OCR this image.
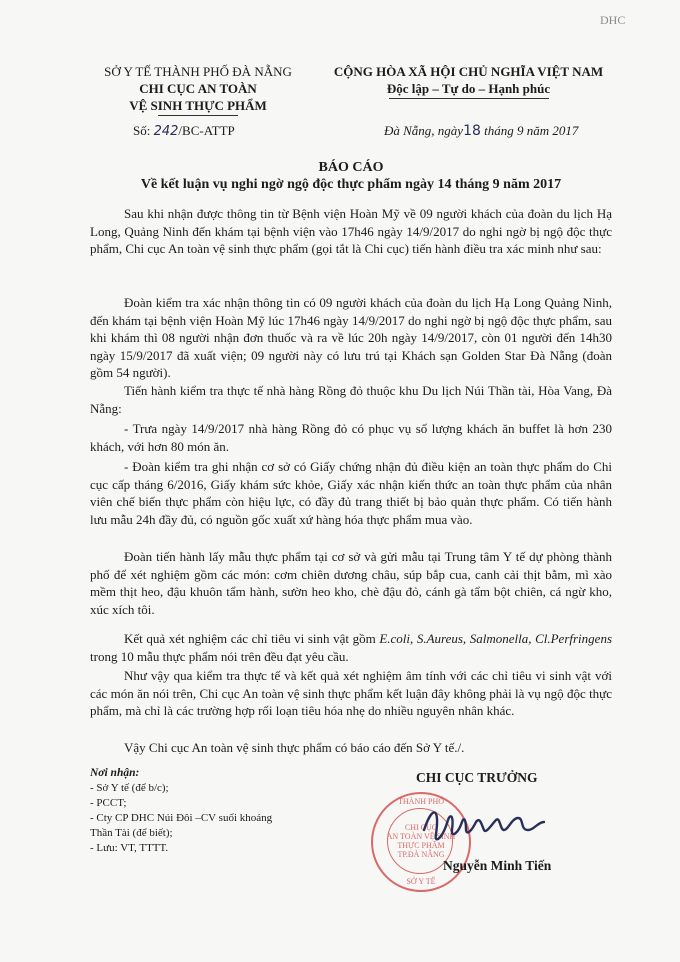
DHC
SỞ Y TẾ THÀNH PHỐ ĐÀ NẴNG
CHI CỤC AN TOÀN
VỆ SINH THỰC PHẨM
CỘNG HÒA XÃ HỘI CHỦ NGHĨA VIỆT NAM
Độc lập – Tự do – Hạnh phúc
Số: 242/BC-ATTP	Đà Nẵng, ngày18 tháng 9 năm 2017
BÁO CÁO
Về kết luận vụ nghi ngờ ngộ độc thực phẩm ngày 14 tháng 9 năm 2017
Sau khi nhận được thông tin từ Bệnh viện Hoàn Mỹ về 09 người khách của đoàn du lịch Hạ Long, Quảng Ninh đến khám tại bệnh viện vào 17h46 ngày 14/9/2017 do nghi ngờ bị ngộ độc thực phẩm, Chi cục An toàn vệ sinh thực phẩm (gọi tắt là Chi cục) tiến hành điều tra xác minh như sau:
Đoàn kiểm tra xác nhận thông tin có 09 người khách của đoàn du lịch Hạ Long Quảng Ninh, đến khám tại bệnh viện Hoàn Mỹ lúc 17h46 ngày 14/9/2017 do nghi ngờ bị ngộ độc thực phẩm, sau khi khám thì 08 người nhận đơn thuốc và ra về lúc 20h ngày 14/9/2017, còn 01 người đến 14h30 ngày 15/9/2017 đã xuất viện; 09 người này có lưu trú tại Khách sạn Golden Star Đà Nẵng (đoàn gồm 54 người).
Tiến hành kiểm tra thực tế nhà hàng Rồng đỏ thuộc khu Du lịch Núi Thần tài, Hòa Vang, Đà Nẵng:
- Trưa ngày 14/9/2017 nhà hàng Rồng đỏ có phục vụ số lượng khách ăn buffet là hơn 230 khách, với hơn 80 món ăn.
- Đoàn kiểm tra ghi nhận cơ sở có Giấy chứng nhận đủ điều kiện an toàn thực phẩm do Chi cục cấp tháng 6/2016, Giấy khám sức khỏe, Giấy xác nhận kiến thức an toàn thực phẩm của nhân viên chế biến thực phẩm còn hiệu lực, có đầy đủ trang thiết bị bảo quản thực phẩm. Có tiến hành lưu mẫu 24h đầy đủ, có nguồn gốc xuất xứ hàng hóa thực phẩm mua vào.
Đoàn tiến hành lấy mẫu thực phẩm tại cơ sở và gửi mẫu tại Trung tâm Y tế dự phòng thành phố để xét nghiệm gồm các món: cơm chiên dương châu, súp bắp cua, canh cải thịt bằm, mì xào mềm thịt heo, đậu khuôn tẩm hành, sườn heo kho, chè đậu đỏ, cánh gà tẩm bột chiên, cá ngừ kho, xúc xích tôi.
Kết quả xét nghiệm các chỉ tiêu vi sinh vật gồm E.coli, S.Aureus, Salmonella, Cl.Perfringens trong 10 mẫu thực phẩm nói trên đều đạt yêu cầu.
Như vậy qua kiểm tra thực tế và kết quả xét nghiệm âm tính với các chỉ tiêu vi sinh vật với các món ăn nói trên, Chi cục An toàn vệ sinh thực phẩm kết luận đây không phải là vụ ngộ độc thực phẩm, mà chỉ là các trường hợp rối loạn tiêu hóa nhẹ do nhiều nguyên nhân khác.
Vậy Chi cục An toàn vệ sinh thực phẩm có báo cáo đến Sở Y tế./.
Nơi nhận:
- Sở Y tế (để b/c);
- PCCT;
- Cty CP DHC Núi Đôi –CV suối khoáng Thần Tài (để biết);
- Lưu: VT, TTTT.
CHI CỤC TRƯỞNG
THÀNH PHỐ
CHI CỤC
AN TOÀN VỆ SINH
THỰC PHẨM
TP.ĐÀ NẴNG
SỞ Y TẾ
Nguyễn Minh Tiến
